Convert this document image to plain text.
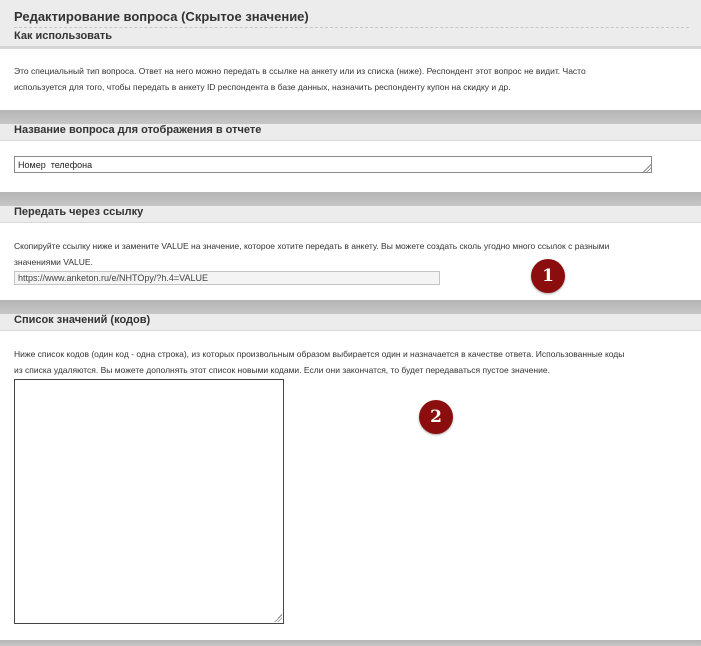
Редактирование вопроса (Скрытое значение)
Как использовать
Это специальный тип вопроса. Ответ на него можно передать в ссылке на анкету или из списка (ниже). Респондент этот вопрос не видит. Часто
используется для того, чтобы передать в анкету ID респондента в базе данных, назначить респонденту купон на скидку и др.
Название вопроса для отображения в отчете
Номер телефона
Передать через ссылку
Скопируйте ссылку ниже и замените VALUE на значение, которое хотите передать в анкету. Вы можете создать сколь угодно много ссылок с разными
значениями VALUE.
https://www.anketon.ru/e/NHTOpy/?h.4=VALUE
1
Список значений (кодов)
Ниже список кодов (один код - одна строка), из которых произвольным образом выбирается один и назначается в качестве ответа. Использованные коды
из списка удаляются. Вы можете дополнять этот список новыми кодами. Если они закончатся, то будет передаваться пустое значение.
2
